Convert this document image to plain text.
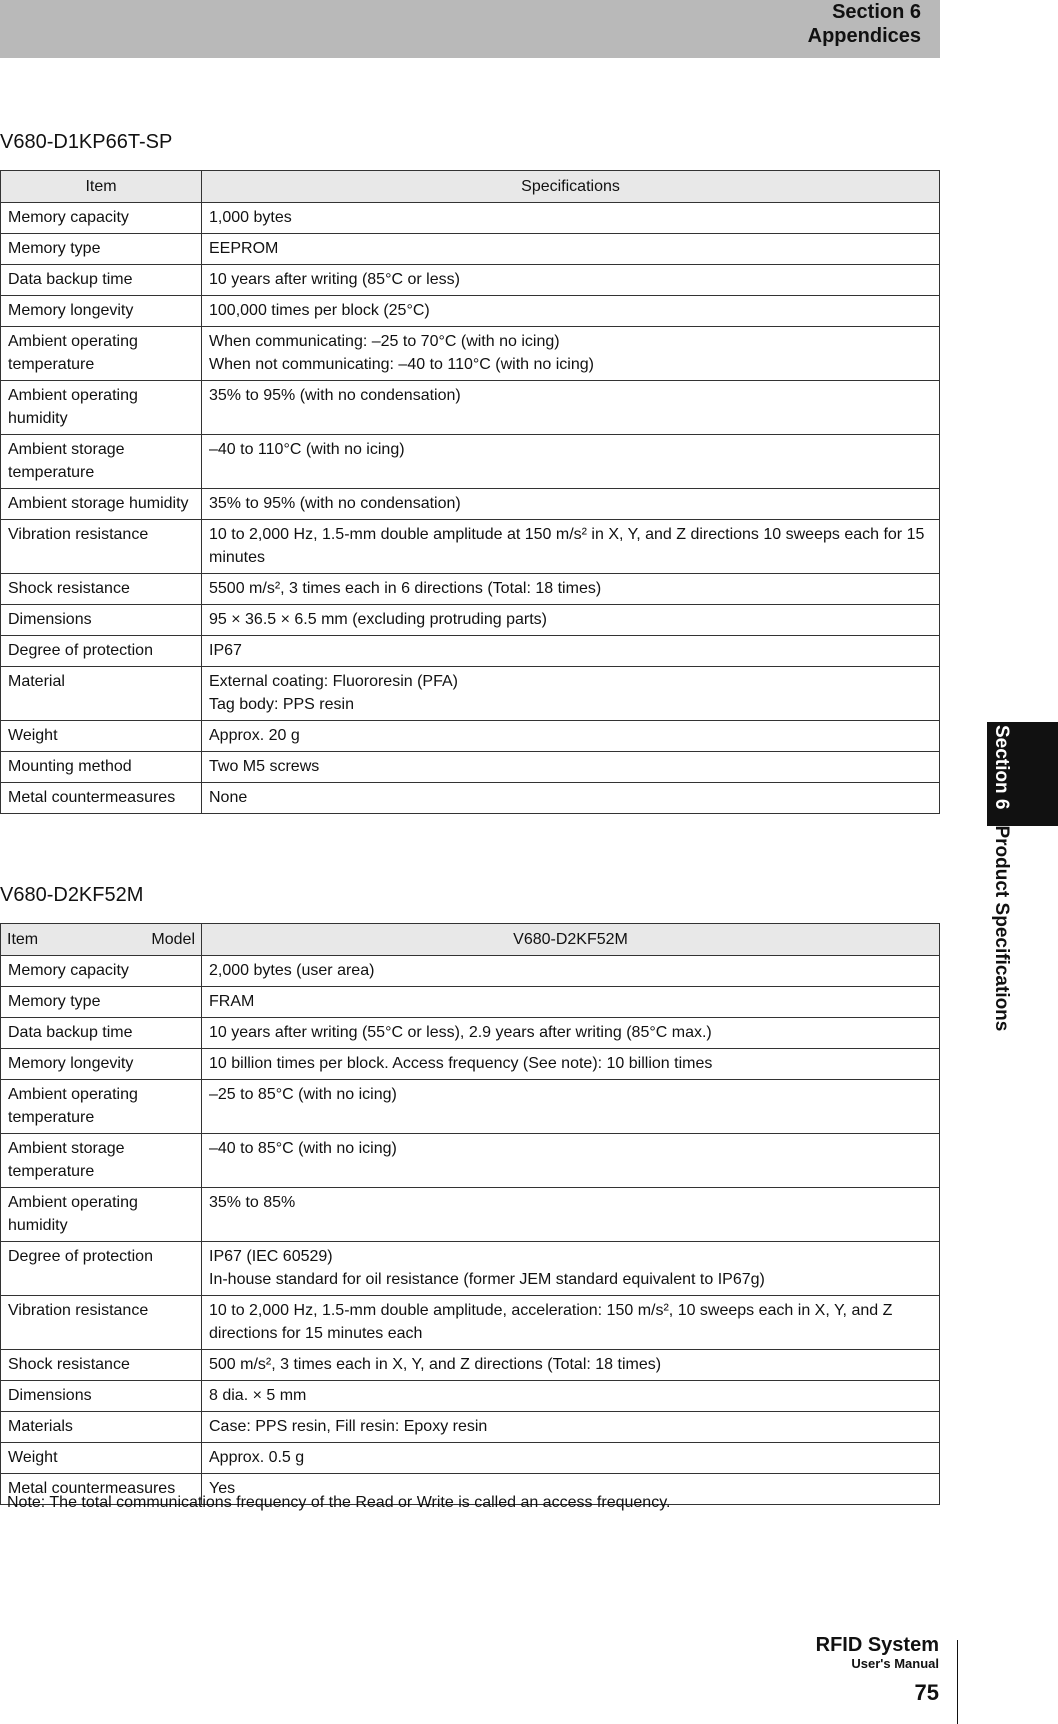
Section 6
Appendices
Section 6Product Specifications
V680-D1KP66T-SP
Item	Specifications
Memory capacity	1,000 bytes
Memory type	EEPROM
Data backup time	10 years after writing (85°C or less)
Memory longevity	100,000 times per block (25°C)
Ambient operating temperature	When communicating: –25 to 70°C (with no icing)
When not communicating: –40 to 110°C (with no icing)
Ambient operating humidity	35% to 95% (with no condensation)
Ambient storage temperature	–40 to 110°C (with no icing)
Ambient storage humidity	35% to 95% (with no condensation)
Vibration resistance	10 to 2,000 Hz, 1.5-mm double amplitude at 150 m/s² in X, Y, and Z directions 10 sweeps each for 15 minutes
Shock resistance	5500 m/s², 3 times each in 6 directions (Total: 18 times)
Dimensions	95 × 36.5 × 6.5 mm (excluding protruding parts)
Degree of protection	IP67
Material	External coating: Fluororesin (PFA)
Tag body: PPS resin
Weight	Approx. 20 g
Mounting method	Two M5 screws
Metal countermeasures	None
V680-D2KF52M
Item Model	V680-D2KF52M
Memory capacity	2,000 bytes (user area)
Memory type	FRAM
Data backup time	10 years after writing (55°C or less), 2.9 years after writing (85°C max.)
Memory longevity	10 billion times per block. Access frequency (See note): 10 billion times
Ambient operating temperature	–25 to 85°C (with no icing)
Ambient storage temperature	–40 to 85°C (with no icing)
Ambient operating humidity	35% to 85%
Degree of protection	IP67 (IEC 60529)
In-house standard for oil resistance (former JEM standard equivalent to IP67g)
Vibration resistance	10 to 2,000 Hz, 1.5-mm double amplitude, acceleration: 150 m/s², 10 sweeps each in X, Y, and Z directions for 15 minutes each
Shock resistance	500 m/s², 3 times each in X, Y, and Z directions (Total: 18 times)
Dimensions	8 dia. × 5 mm
Materials	Case: PPS resin, Fill resin: Epoxy resin
Weight	Approx. 0.5 g
Metal countermeasures	Yes
Note: The total communications frequency of the Read or Write is called an access frequency.
RFID System
User's Manual
75
